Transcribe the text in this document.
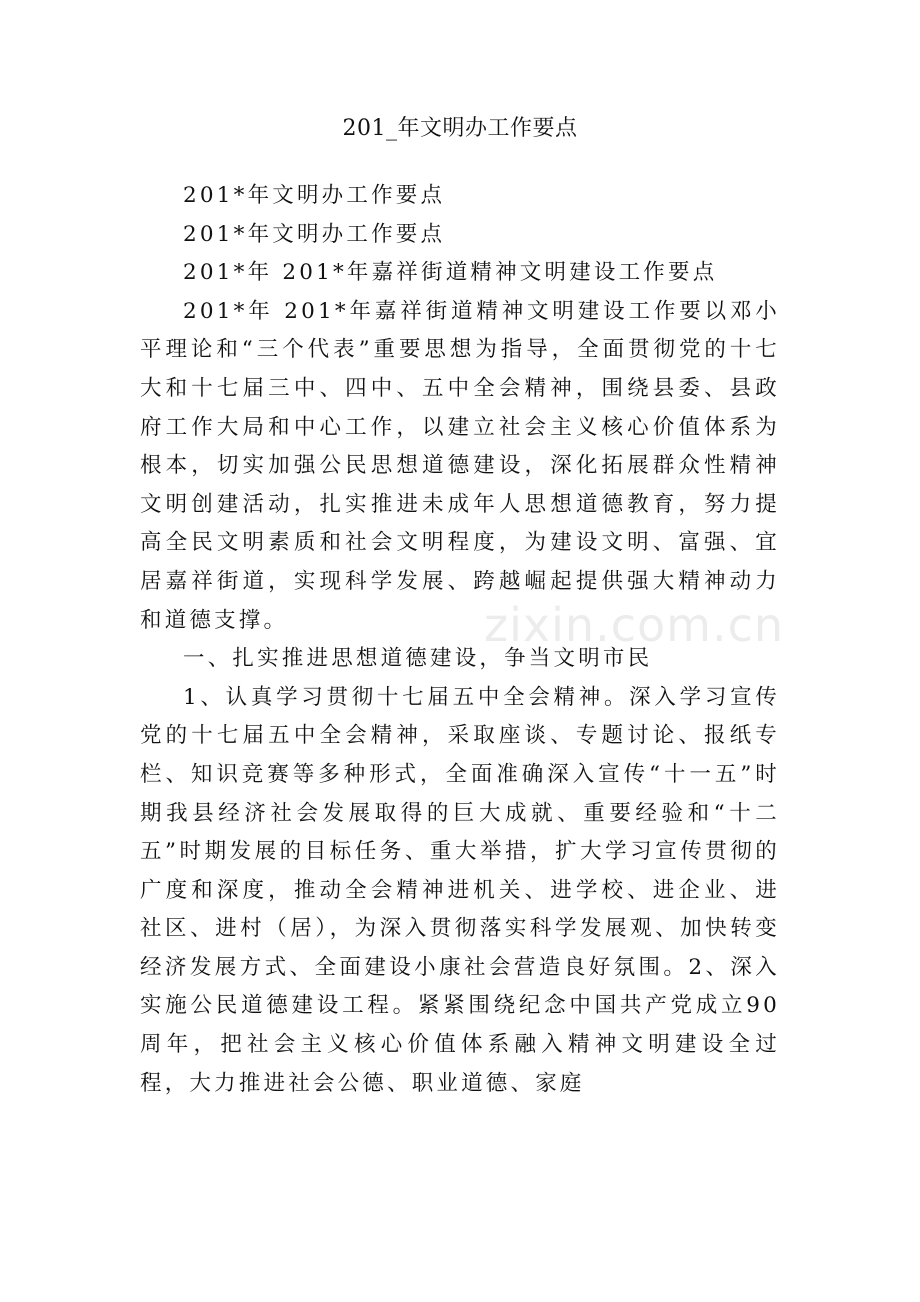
201_年文明办工作要点

201*年文明办工作要点

201*年文明办工作要点

201*年 201*年嘉祥街道精神文明建设工作要点

201*年 201*年嘉祥街道精神文明建设工作要以邓小平理论和“三个代表”重要思想为指导，全面贯彻党的十七大和十七届三中、四中、五中全会精神，围绕县委、县政府工作大局和中心工作，以建立社会主义核心价值体系为根本，切实加强公民思想道德建设，深化拓展群众性精神文明创建活动，扎实推进未成年人思想道德教育，努力提高全民文明素质和社会文明程度，为建设文明、富强、宜居嘉祥街道，实现科学发展、跨越崛起提供强大精神动力和道德支撑。

一、扎实推进思想道德建设，争当文明市民

1、认真学习贯彻十七届五中全会精神。深入学习宣传党的十七届五中全会精神，采取座谈、专题讨论、报纸专栏、知识竞赛等多种形式，全面准确深入宣传“十一五”时期我县经济社会发展取得的巨大成就、重要经验和“十二五”时期发展的目标任务、重大举措，扩大学习宣传贯彻的广度和深度，推动全会精神进机关、进学校、进企业、进社区、进村（居），为深入贯彻落实科学发展观、加快转变经济发展方式、全面建设小康社会营造良好氛围。2、深入实施公民道德建设工程。紧紧围绕纪念中国共产党成立90周年，把社会主义核心价值体系融入精神文明建设全过程，大力推进社会公德、职业道德、家庭

zixin.com.cn
